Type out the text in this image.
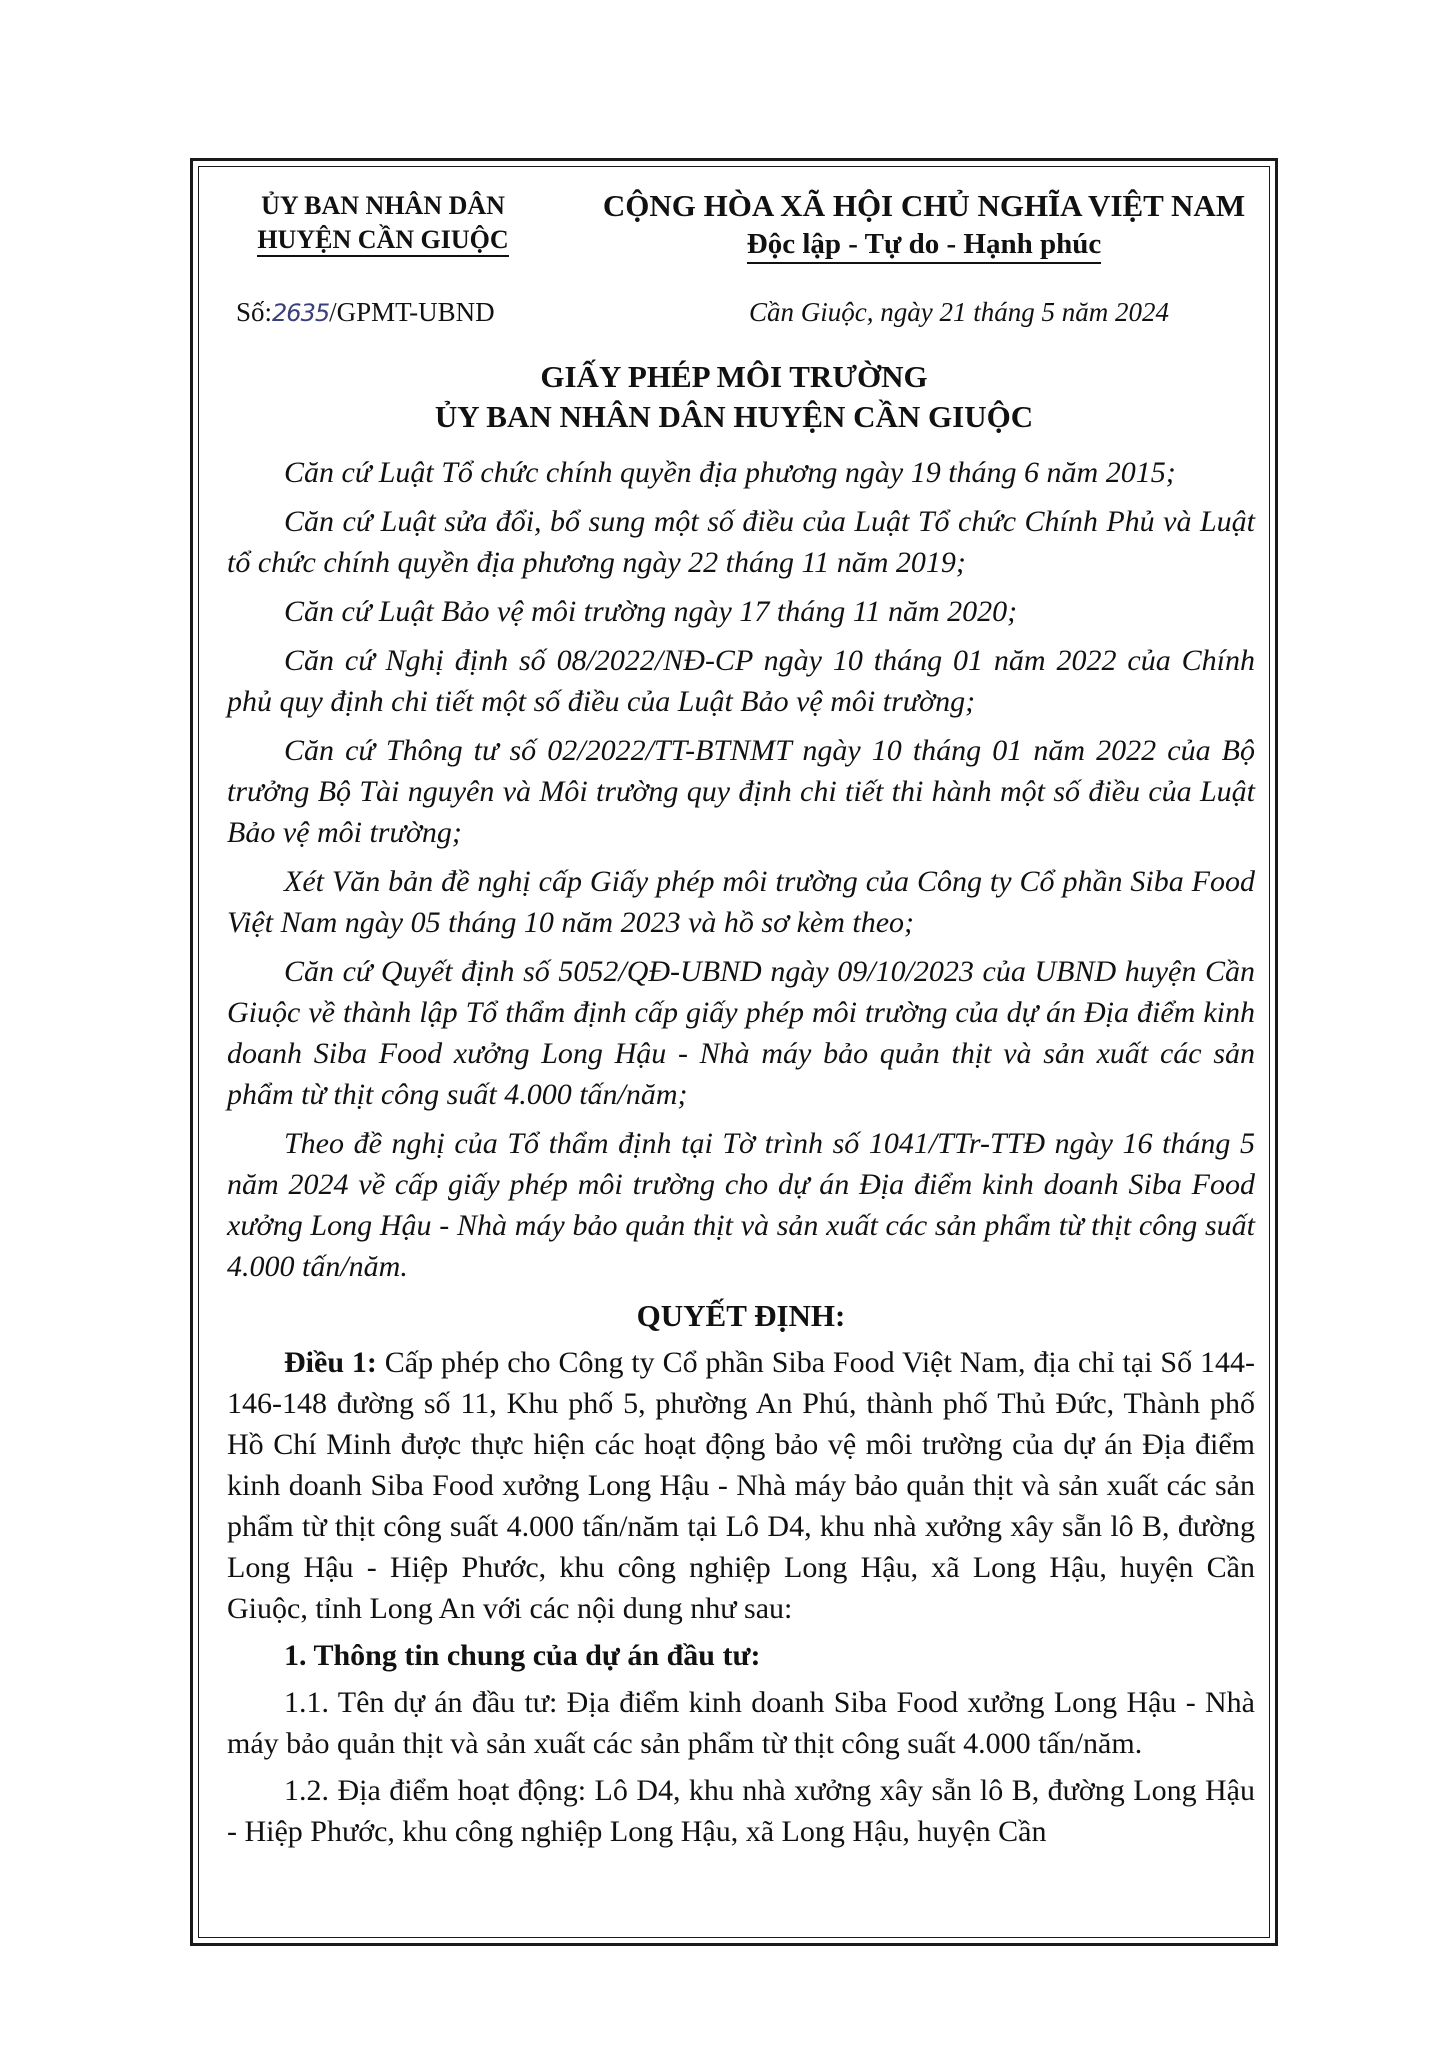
ỦY BAN NHÂN DÂN
HUYỆN CẦN GIUỘC
CỘNG HÒA XÃ HỘI CHỦ NGHĨA VIỆT NAM
Độc lập - Tự do - Hạnh phúc
Số:2635/GPMT-UBND	Cần Giuộc, ngày 21 tháng 5 năm 2024
GIẤY PHÉP MÔI TRƯỜNG
ỦY BAN NHÂN DÂN HUYỆN CẦN GIUỘC

Căn cứ Luật Tổ chức chính quyền địa phương ngày 19 tháng 6 năm 2015;

Căn cứ Luật sửa đổi, bổ sung một số điều của Luật Tổ chức Chính Phủ và Luật tổ chức chính quyền địa phương ngày 22 tháng 11 năm 2019;

Căn cứ Luật Bảo vệ môi trường ngày 17 tháng 11 năm 2020;

Căn cứ Nghị định số 08/2022/NĐ-CP ngày 10 tháng 01 năm 2022 của Chính phủ quy định chi tiết một số điều của Luật Bảo vệ môi trường;

Căn cứ Thông tư số 02/2022/TT-BTNMT ngày 10 tháng 01 năm 2022 của Bộ trưởng Bộ Tài nguyên và Môi trường quy định chi tiết thi hành một số điều của Luật Bảo vệ môi trường;

Xét Văn bản đề nghị cấp Giấy phép môi trường của Công ty Cổ phần Siba Food Việt Nam ngày 05 tháng 10 năm 2023 và hồ sơ kèm theo;

Căn cứ Quyết định số 5052/QĐ-UBND ngày 09/10/2023 của UBND huyện Cần Giuộc về thành lập Tổ thẩm định cấp giấy phép môi trường của dự án Địa điểm kinh doanh Siba Food xưởng Long Hậu - Nhà máy bảo quản thịt và sản xuất các sản phẩm từ thịt công suất 4.000 tấn/năm;

Theo đề nghị của Tổ thẩm định tại Tờ trình số 1041/TTr-TTĐ ngày 16 tháng 5 năm 2024 về cấp giấy phép môi trường cho dự án Địa điểm kinh doanh Siba Food xưởng Long Hậu - Nhà máy bảo quản thịt và sản xuất các sản phẩm từ thịt công suất 4.000 tấn/năm.

QUYẾT ĐỊNH:

Điều 1: Cấp phép cho Công ty Cổ phần Siba Food Việt Nam, địa chỉ tại Số 144-146-148 đường số 11, Khu phố 5, phường An Phú, thành phố Thủ Đức, Thành phố Hồ Chí Minh được thực hiện các hoạt động bảo vệ môi trường của dự án Địa điểm kinh doanh Siba Food xưởng Long Hậu - Nhà máy bảo quản thịt và sản xuất các sản phẩm từ thịt công suất 4.000 tấn/năm tại Lô D4, khu nhà xưởng xây sẵn lô B, đường Long Hậu - Hiệp Phước, khu công nghiệp Long Hậu, xã Long Hậu, huyện Cần Giuộc, tỉnh Long An với các nội dung như sau:

1. Thông tin chung của dự án đầu tư:

1.1. Tên dự án đầu tư: Địa điểm kinh doanh Siba Food xưởng Long Hậu - Nhà máy bảo quản thịt và sản xuất các sản phẩm từ thịt công suất 4.000 tấn/năm.

1.2. Địa điểm hoạt động: Lô D4, khu nhà xưởng xây sẵn lô B, đường Long Hậu - Hiệp Phước, khu công nghiệp Long Hậu, xã Long Hậu, huyện Cần
